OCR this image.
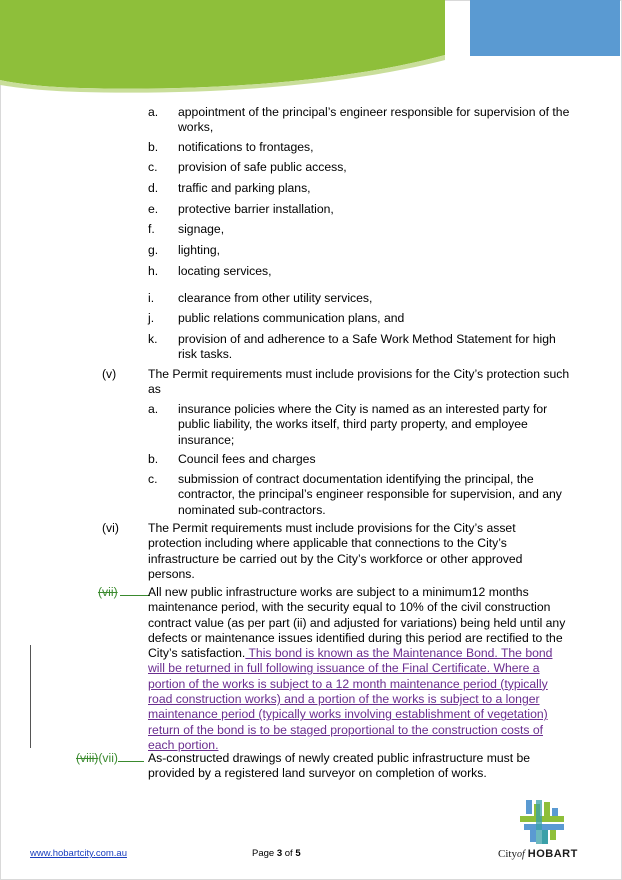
a. appointment of the principal’s engineer responsible for supervision of the works,
b. notifications to frontages,
c. provision of safe public access,
d. traffic and parking plans,
e. protective barrier installation,
f. signage,
g. lighting,
h. locating services,
i. clearance from other utility services,
j. public relations communication plans, and
k. provision of and adherence to a Safe Work Method Statement for high risk tasks.
(v)	The Permit requirements must include provisions for the City’s protection such as
a. insurance policies where the City is named as an interested party for public liability, the works itself, third party property, and employee insurance;
b. Council fees and charges
c. submission of contract documentation identifying the principal, the contractor, the principal’s engineer responsible for supervision, and any nominated sub-contractors.
(vi) The Permit requirements must include provisions for the City’s asset protection including where applicable that connections to the City’s infrastructure be carried out by the City’s workforce or other approved persons.
(vii) All new public infrastructure works are subject to a minimum12 months maintenance period, with the security equal to 10% of the civil construction contract value (as per part (ii) and adjusted for variations) being held until any defects or maintenance issues identified during this period are rectified to the City’s satisfaction. This bond is known as the Maintenance Bond. The bond will be returned in full following issuance of the Final Certificate. Where a portion of the works is subject to a 12 month maintenance period (typically road construction works) and a portion of the works is subject to a longer maintenance period (typically works involving establishment of vegetation) return of the bond is to be staged proportional to the construction costs of each portion.
(viii)(vii)	As-constructed drawings of newly created public infrastructure must be provided by a registered land surveyor on completion of works.
www.hobartcity.com.au	Page 3 of 5	Cityof HOBART
